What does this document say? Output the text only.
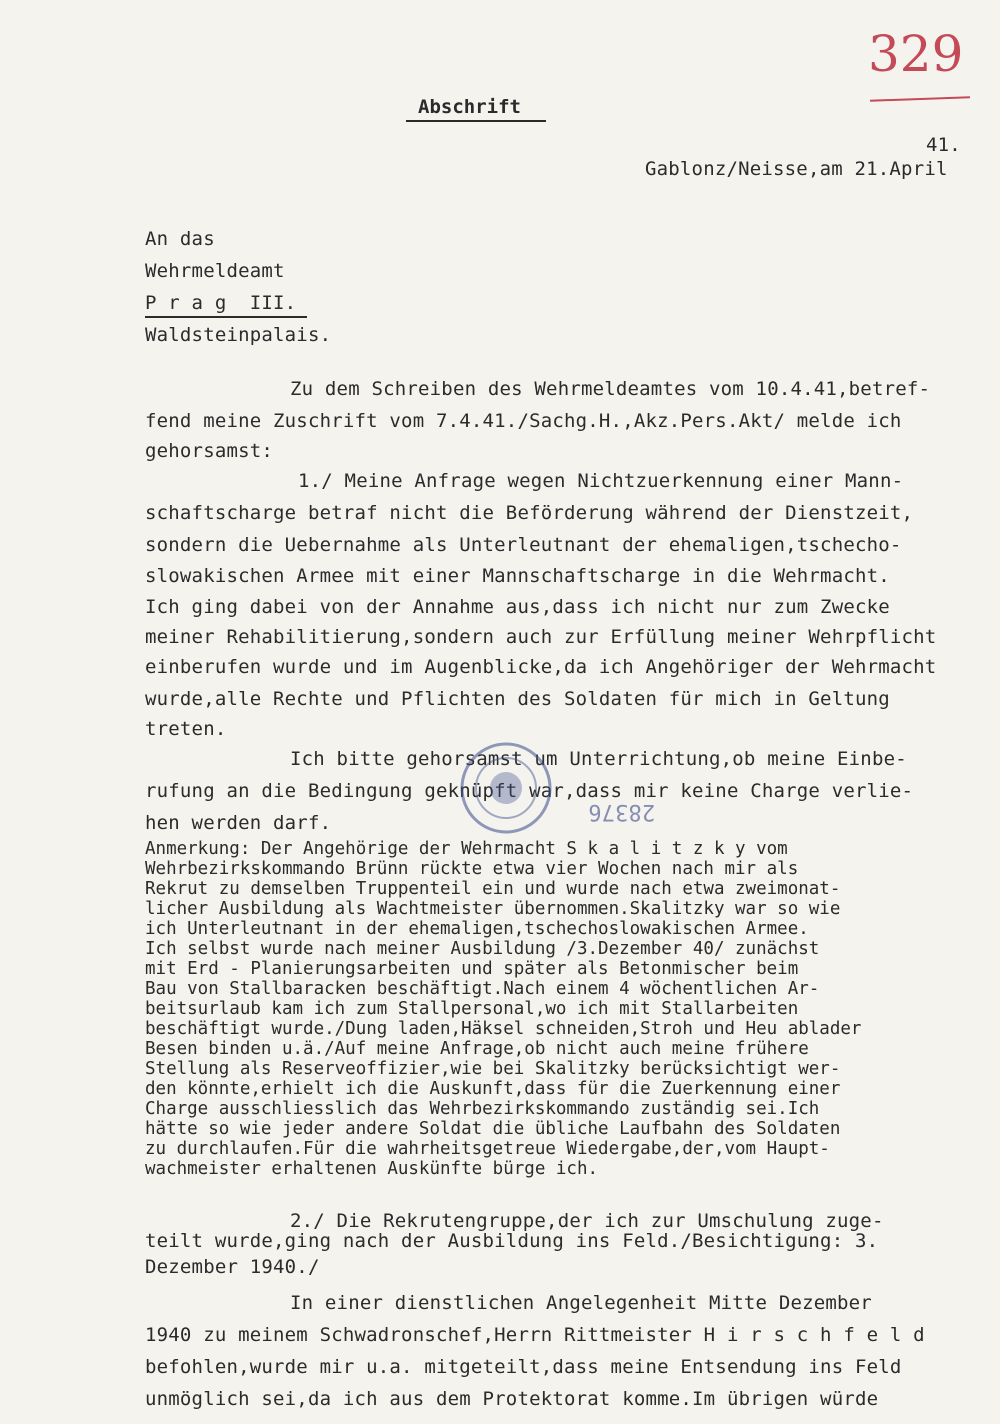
329
Abschrift
41.
Gablonz/Neisse,am 21.April
An das
Wehrmeldeamt
P r a g  III.
Waldsteinpalais.
Zu dem Schreiben des Wehrmeldeamtes vom 10.4.41,betref-
fend meine Zuschrift vom 7.4.41./Sachg.H.,Akz.Pers.Akt/ melde ich
gehorsamst:
1./ Meine Anfrage wegen Nichtzuerkennung einer Mann-
schaftscharge betraf nicht die Beförderung während der Dienstzeit,
sondern die Uebernahme als Unterleutnant der ehemaligen,tschecho-
slowakischen Armee mit einer Mannschaftscharge in die Wehrmacht.
Ich ging dabei von der Annahme aus,dass ich nicht nur zum Zwecke
meiner Rehabilitierung,sondern auch zur Erfüllung meiner Wehrpflicht
einberufen wurde und im Augenblicke,da ich Angehöriger der Wehrmacht
wurde,alle Rechte und Pflichten des Soldaten für mich in Geltung
treten.
Ich bitte gehorsamst um Unterrichtung,ob meine Einbe-
rufung an die Bedingung geknüpft war,dass mir keine Charge verlie-
hen werden darf.	28376
Anmerkung: Der Angehörige der Wehrmacht S k a l i t z k y vom
Wehrbezirkskommando Brünn rückte etwa vier Wochen nach mir als
Rekrut zu demselben Truppenteil ein und wurde nach etwa zweimonat-
licher Ausbildung als Wachtmeister übernommen.Skalitzky war so wie
ich Unterleutnant in der ehemaligen,tschechoslowakischen Armee.
Ich selbst wurde nach meiner Ausbildung /3.Dezember 40/ zunächst
mit Erd - Planierungsarbeiten und später als Betonmischer beim
Bau von Stallbaracken beschäftigt.Nach einem 4 wöchentlichen Ar-
beitsurlaub kam ich zum Stallpersonal,wo ich mit Stallarbeiten
beschäftigt wurde./Dung laden,Häksel schneiden,Stroh und Heu ablader
Besen binden u.ä./Auf meine Anfrage,ob nicht auch meine frühere
Stellung als Reserveoffizier,wie bei Skalitzky berücksichtigt wer-
den könnte,erhielt ich die Auskunft,dass für die Zuerkennung einer
Charge ausschliesslich das Wehrbezirkskommando zuständig sei.Ich
hätte so wie jeder andere Soldat die übliche Laufbahn des Soldaten
zu durchlaufen.Für die wahrheitsgetreue Wiedergabe,der,vom Haupt-
wachmeister erhaltenen Auskünfte bürge ich.
2./ Die Rekrutengruppe,der ich zur Umschulung zuge-
teilt wurde,ging nach der Ausbildung ins Feld./Besichtigung: 3.
Dezember 1940./
In einer dienstlichen Angelegenheit Mitte Dezember
1940 zu meinem Schwadronschef,Herrn Rittmeister H i r s c h f e l d
befohlen,wurde mir u.a. mitgeteilt,dass meine Entsendung ins Feld
unmöglich sei,da ich aus dem Protektorat komme.Im übrigen würde
